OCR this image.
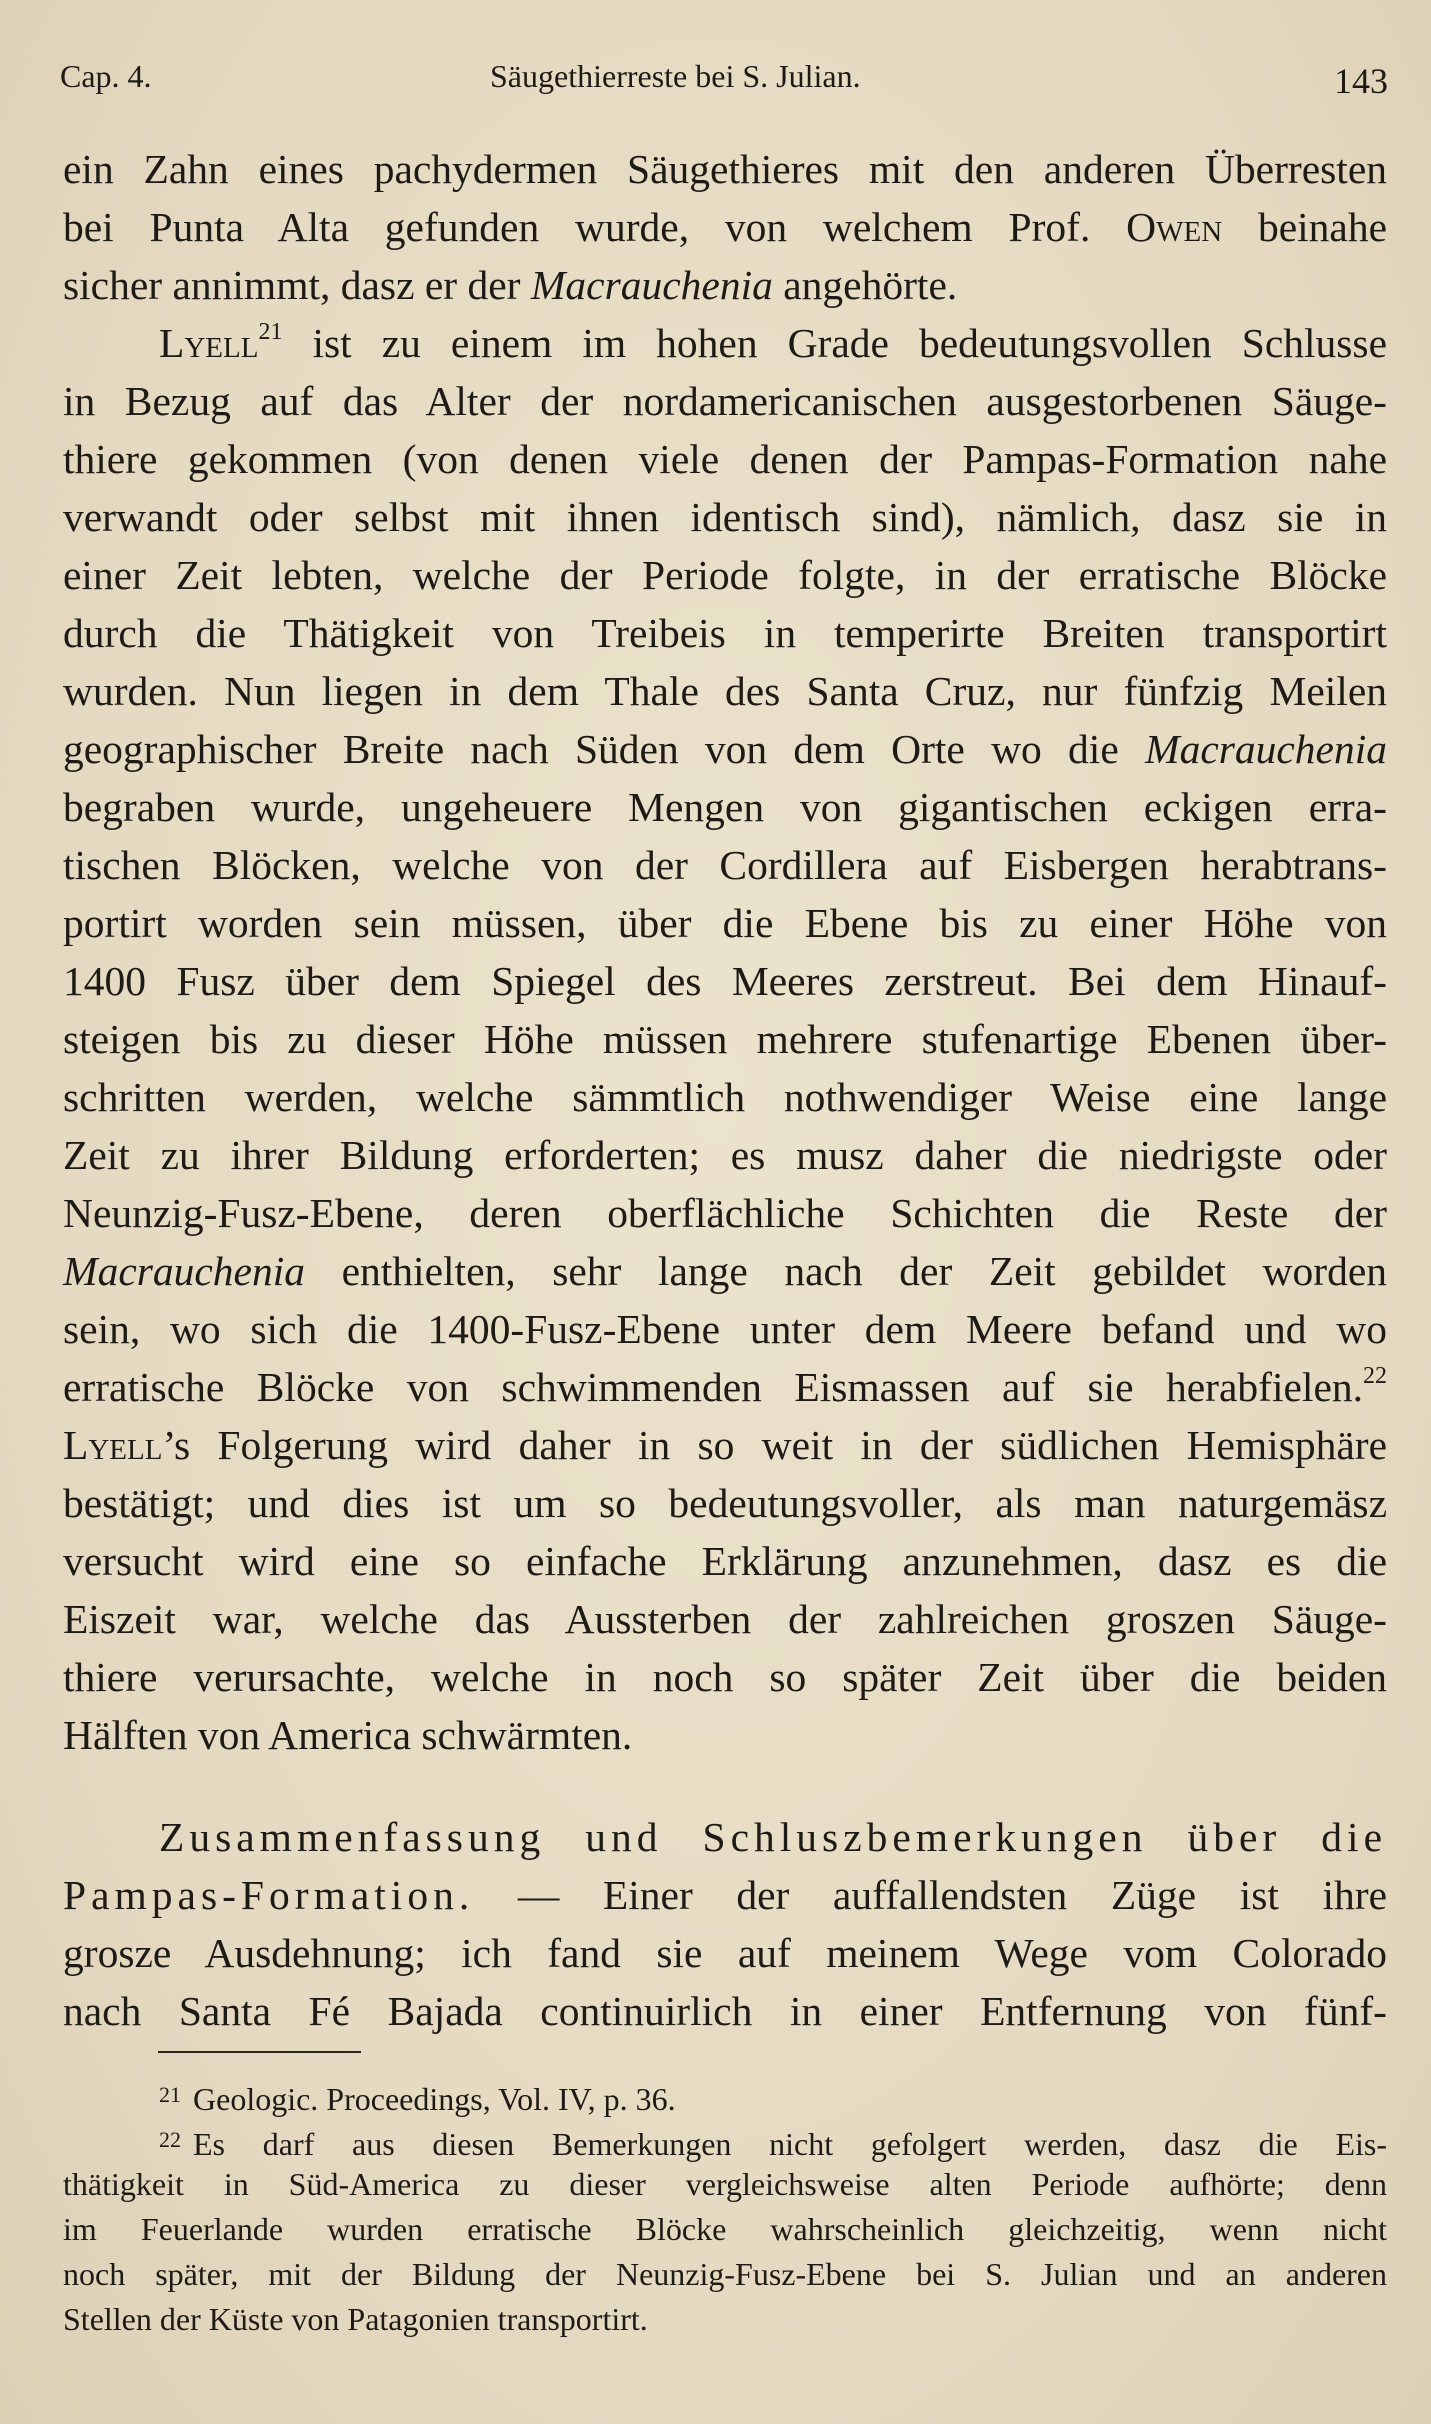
Cap. 4.	Säugethierreste bei S. Julian.	143
ein Zahn eines pachydermen Säugethieres mit den anderen Überresten
bei Punta Alta gefunden wurde, von welchem Prof. Owen beinahe
sicher annimmt, dasz er der Macrauchenia angehörte.
Lyell$^{21}$ ist zu einem im hohen Grade bedeutungsvollen Schlusse
in Bezug auf das Alter der nordamericanischen ausgestorbenen Säuge-
thiere gekommen (von denen viele denen der Pampas-Formation nahe
verwandt oder selbst mit ihnen identisch sind), nämlich, dasz sie in
einer Zeit lebten, welche der Periode folgte, in der erratische Blöcke
durch die Thätigkeit von Treibeis in temperirte Breiten transportirt
wurden. Nun liegen in dem Thale des Santa Cruz, nur fünfzig Meilen
geographischer Breite nach Süden von dem Orte wo die Macrauchenia
begraben wurde, ungeheuere Mengen von gigantischen eckigen erra-
tischen Blöcken, welche von der Cordillera auf Eisbergen herabtrans-
portirt worden sein müssen, über die Ebene bis zu einer Höhe von
1400 Fusz über dem Spiegel des Meeres zerstreut. Bei dem Hinauf-
steigen bis zu dieser Höhe müssen mehrere stufenartige Ebenen über-
schritten werden, welche sämmtlich nothwendiger Weise eine lange
Zeit zu ihrer Bildung erforderten; es musz daher die niedrigste oder
Neunzig-Fusz-Ebene, deren oberflächliche Schichten die Reste der
Macrauchenia enthielten, sehr lange nach der Zeit gebildet worden
sein, wo sich die 1400-Fusz-Ebene unter dem Meere befand und wo
erratische Blöcke von schwimmenden Eismassen auf sie herabfielen.$^{22}$
Lyell’s Folgerung wird daher in so weit in der südlichen Hemisphäre
bestätigt; und dies ist um so bedeutungsvoller, als man naturgemäsz
versucht wird eine so einfache Erklärung anzunehmen, dasz es die
Eiszeit war, welche das Aussterben der zahlreichen groszen Säuge-
thiere verursachte, welche in noch so später Zeit über die beiden
Hälften von America schwärmten.
Zusammenfassung und Schluszbemerkungen über die
Pampas-Formation. — Einer der auffallendsten Züge ist ihre
grosze Ausdehnung; ich fand sie auf meinem Wege vom Colorado
nach Santa Fé Bajada continuirlich in einer Entfernung von fünf-
$^{21}$ Geologic. Proceedings, Vol. IV, p. 36.
$^{22}$ Es darf aus diesen Bemerkungen nicht gefolgert werden, dasz die Eis-
thätigkeit in Süd-America zu dieser vergleichsweise alten Periode aufhörte; denn
im Feuerlande wurden erratische Blöcke wahrscheinlich gleichzeitig, wenn nicht
noch später, mit der Bildung der Neunzig-Fusz-Ebene bei S. Julian und an anderen
Stellen der Küste von Patagonien transportirt.
